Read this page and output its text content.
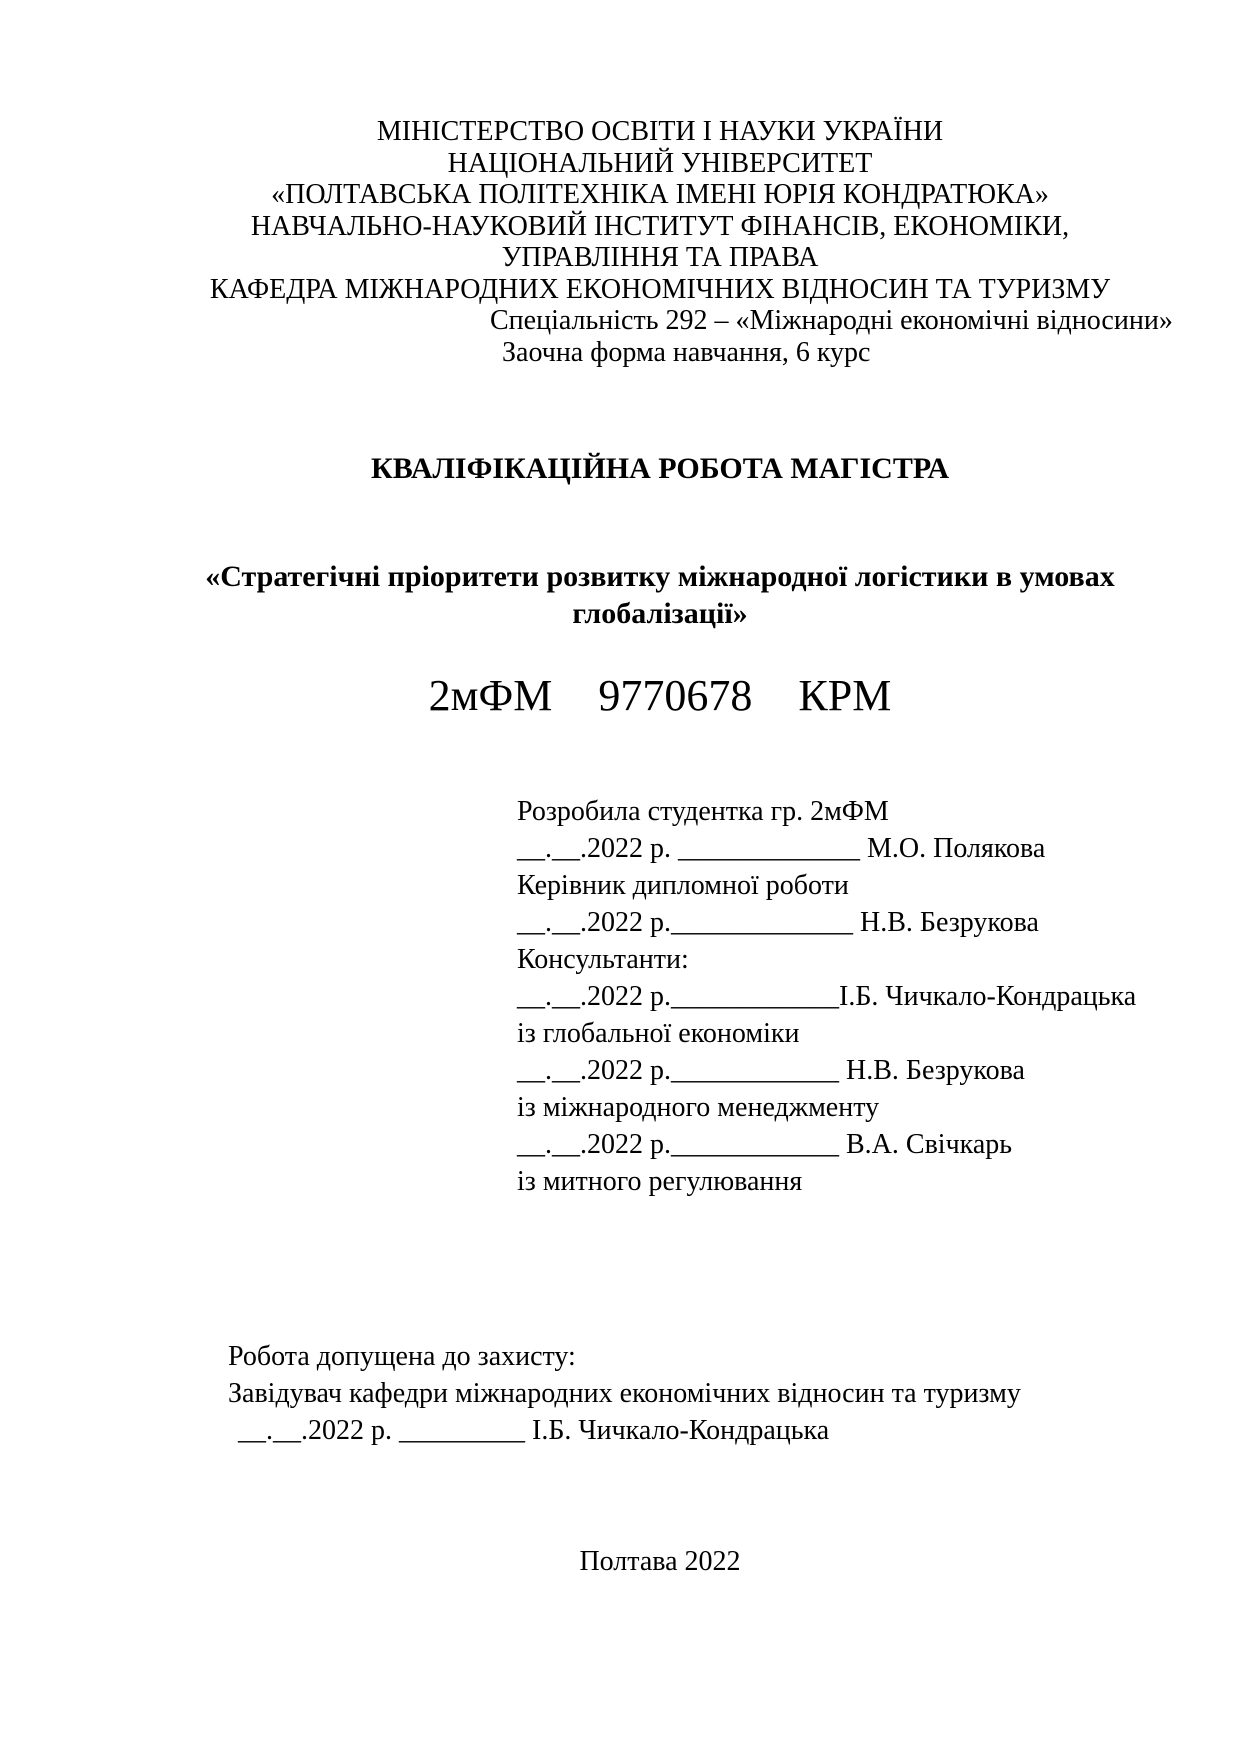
МІНІСТЕРСТВО ОСВІТИ І НАУКИ УКРАЇНИ
НАЦІОНАЛЬНИЙ УНІВЕРСИТЕТ
«ПОЛТАВСЬКА ПОЛІТЕХНІКА ІМЕНІ ЮРІЯ КОНДРАТЮКА»
НАВЧАЛЬНО-НАУКОВИЙ ІНСТИТУТ ФІНАНСІВ, ЕКОНОМІКИ,
УПРАВЛІННЯ ТА ПРАВА
КАФЕДРА МІЖНАРОДНИХ ЕКОНОМІЧНИХ ВІДНОСИН ТА ТУРИЗМУ
Спеціальність 292 – «Міжнародні економічні відносини»
Заочна форма навчання, 6 курс
КВАЛІФІКАЦІЙНА РОБОТА МАГІСТРА
«Стратегічні пріоритети розвитку міжнародної логістики в умовах
глобалізації»
2мФМ 9770678 КРМ
Розробила студентка гр. 2мФМ
__.__.2022 р. _____________ М.О. Полякова
Керівник дипломної роботи
__.__.2022 р._____________ Н.В. Безрукова
Консультанти:
__.__.2022 р.____________І.Б. Чичкало-Кондрацька
із глобальної економіки
__.__.2022 р.____________ Н.В. Безрукова
із міжнародного менеджменту
__.__.2022 р.____________ В.А. Свічкарь
із митного регулювання
Робота допущена до захисту:
Завідувач кафедри міжнародних економічних відносин та туризму
__.__.2022 р. _________ І.Б. Чичкало-Кондрацька
Полтава 2022
